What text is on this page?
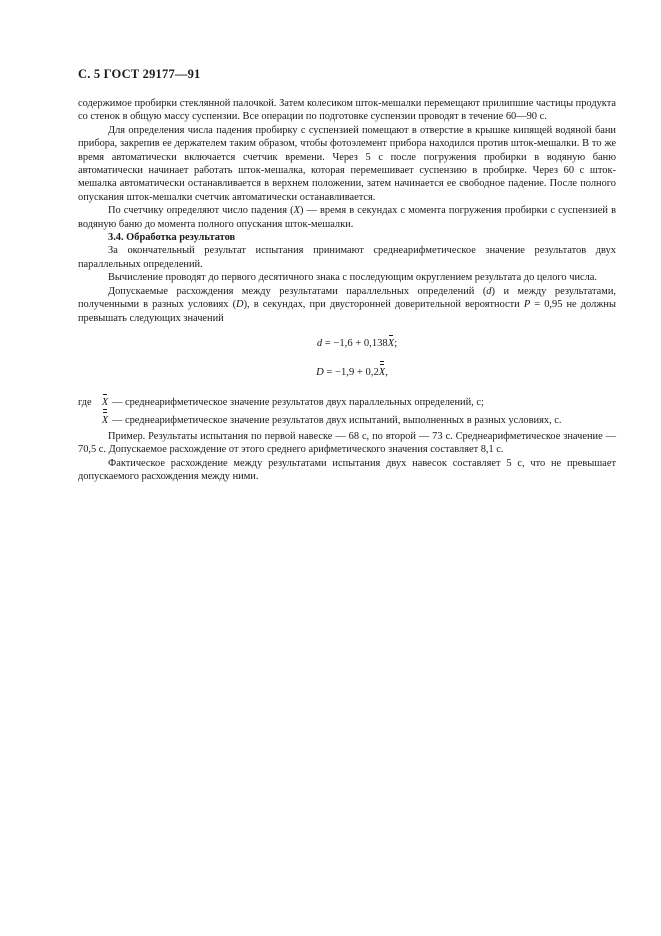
С. 5 ГОСТ 29177—91

содержимое пробирки стеклянной палочкой. Затем колесиком шток-мешалки перемещают прилипшие частицы продукта со стенок в общую массу суспензии. Все операции по подготовке суспензии проводят в течение 60—90 с.

Для определения числа падения пробирку с суспензией помещают в отверстие в крышке кипящей водяной бани прибора, закрепив ее держателем таким образом, чтобы фотоэлемент прибора находился против шток-мешалки. В то же время автоматически включается счетчик времени. Через 5 с после погружения пробирки в водяную баню автоматически начинает работать шток-мешалка, которая перемешивает суспензию в пробирке. Через 60 с шток-мешалка автоматически останавливается в верхнем положении, затем начинается ее свободное падение. После полного опускания шток-мешалки счетчик автоматически останавливается.

По счетчику определяют число падения (X) — время в секундах с момента погружения пробирки с суспензией в водяную баню до момента полного опускания шток-мешалки.

3.4. Обработка результатов

За окончательный результат испытания принимают среднеарифметическое значение результатов двух параллельных определений.

Вычисление проводят до первого десятичного знака с последующим округлением результата до целого числа.

Допускаемые расхождения между результатами параллельных определений (d) и между результатами, полученными в разных условиях (D), в секундах, при двусторонней доверительной вероятности P = 0,95 не должны превышать следующих значений

d = −1,6 + 0,138X;
D = −1,9 + 0,2X,
где X — среднеарифметическое значение результатов двух параллельных определений, с;
X — среднеарифметическое значение результатов двух испытаний, выполненных в разных условиях, с.

Пример. Результаты испытания по первой навеске — 68 с, по второй — 73 с. Среднеарифметическое значение — 70,5 с. Допускаемое расхождение от этого среднего арифметического значения составляет 8,1 с.

Фактическое расхождение между результатами испытания двух навесок составляет 5 с, что не превышает допускаемого расхождения между ними.
